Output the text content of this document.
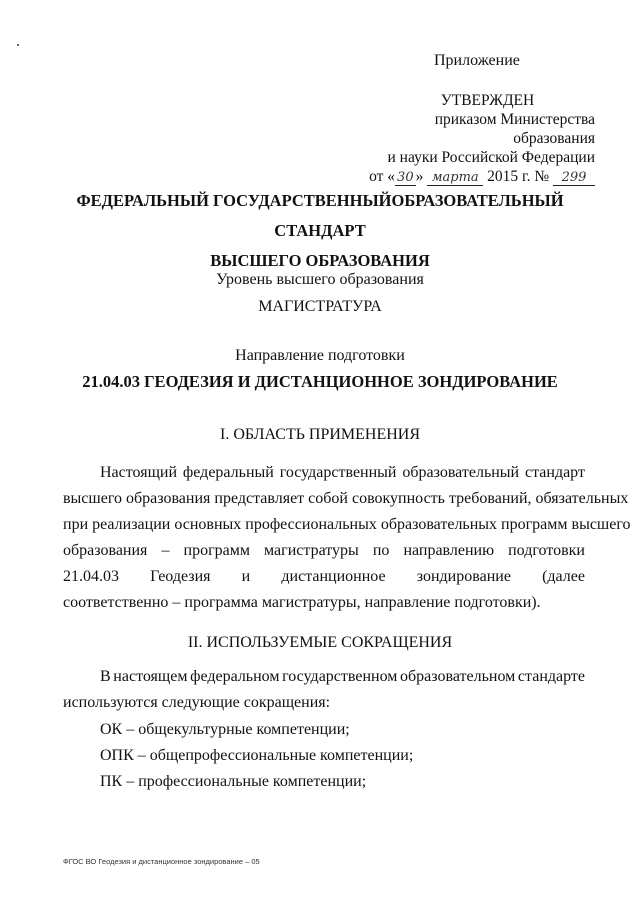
Приложение
УТВЕРЖДЕН
приказом Министерства образования
и науки Российской Федерации
от « 30 » марта 2015 г. № 299
ФЕДЕРАЛЬНЫЙ ГОСУДАРСТВЕННЫЙОБРАЗОВАТЕЛЬНЫЙ СТАНДАРТ
ВЫСШЕГО ОБРАЗОВАНИЯ
Уровень высшего образования
МАГИСТРАТУРА
Направление подготовки
21.04.03 ГЕОДЕЗИЯ И ДИСТАНЦИОННОЕ ЗОНДИРОВАНИЕ
I. ОБЛАСТЬ ПРИМЕНЕНИЯ
Настоящий федеральный государственный образовательный стандарт
высшего образования представляет собой совокупность требований, обязательных
при реализации основных профессиональных образовательных программ высшего
образования – программ магистратуры по направлению подготовки
21.04.03 Геодезия и дистанционное зондирование (далее
соответственно – программа магистратуры, направление подготовки).
II. ИСПОЛЬЗУЕМЫЕ СОКРАЩЕНИЯ
В настоящем федеральном государственном образовательном стандарте
используются следующие сокращения:
ОК – общекультурные компетенции;
ОПК – общепрофессиональные компетенции;
ПК – профессиональные компетенции;
ФГОС ВО Геодезия и дистанционное зондирование – 05
